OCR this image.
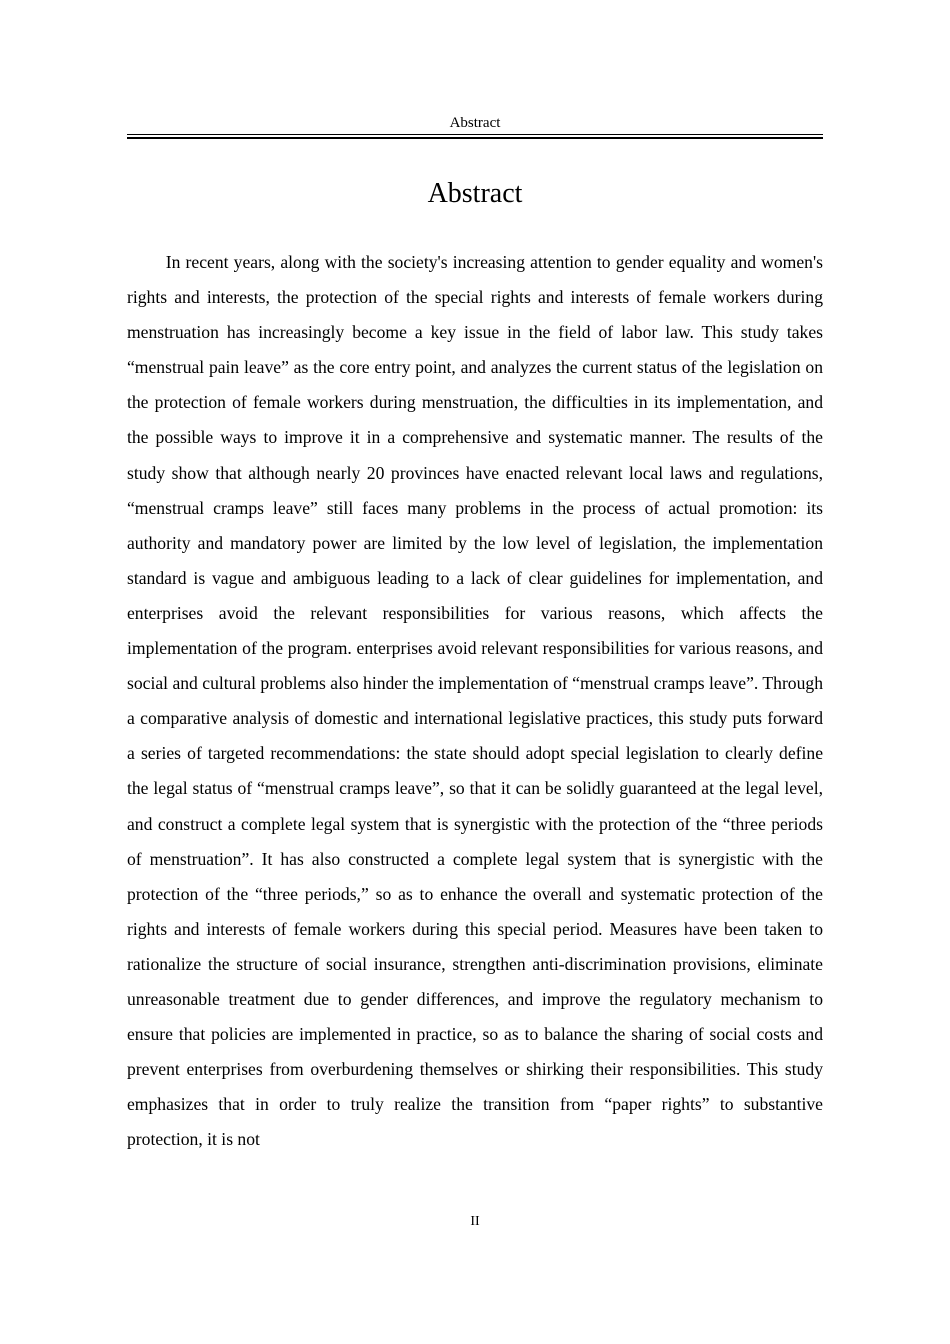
Abstract
Abstract

In recent years, along with the society's increasing attention to gender equality and women's rights and interests, the protection of the special rights and interests of female workers during menstruation has increasingly become a key issue in the field of labor law. This study takes “menstrual pain leave” as the core entry point, and analyzes the current status of the legislation on the protection of female workers during menstruation, the difficulties in its implementation, and the possible ways to improve it in a comprehensive and systematic manner. The results of the study show that although nearly 20 provinces have enacted relevant local laws and regulations, “menstrual cramps leave” still faces many problems in the process of actual promotion: its authority and mandatory power are limited by the low level of legislation, the implementation standard is vague and ambiguous leading to a lack of clear guidelines for implementation, and enterprises avoid the relevant responsibilities for various reasons, which affects the implementation of the program. enterprises avoid relevant responsibilities for various reasons, and social and cultural problems also hinder the implementation of “menstrual cramps leave”. Through a comparative analysis of domestic and international legislative practices, this study puts forward a series of targeted recommendations: the state should adopt special legislation to clearly define the legal status of “menstrual cramps leave”, so that it can be solidly guaranteed at the legal level, and construct a complete legal system that is synergistic with the protection of the “three periods of menstruation”. It has also constructed a complete legal system that is synergistic with the protection of the “three periods,” so as to enhance the overall and systematic protection of the rights and interests of female workers during this special period. Measures have been taken to rationalize the structure of social insurance, strengthen anti-discrimination provisions, eliminate unreasonable treatment due to gender differences, and improve the regulatory mechanism to ensure that policies are implemented in practice, so as to balance the sharing of social costs and prevent enterprises from overburdening themselves or shirking their responsibilities. This study emphasizes that in order to truly realize the transition from “paper rights” to substantive protection, it is not

II
